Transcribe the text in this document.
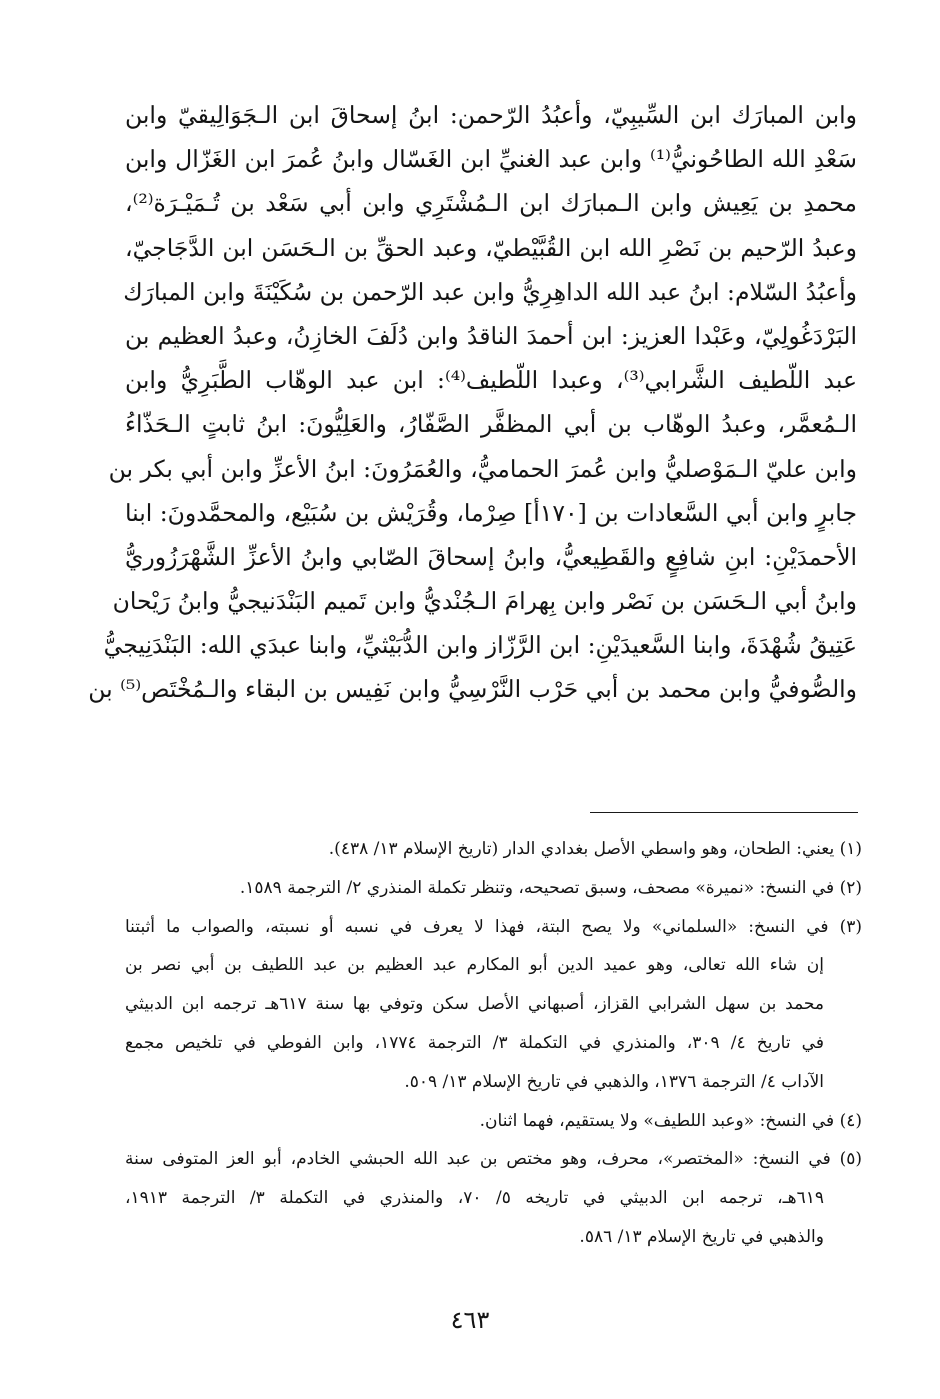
وابن المبارَك ابن السِّيبِيّ، وأعبُدُ الرّحمن: ابنُ إسحاقَ ابن الـجَوَالِيقيّ وابن
سَعْدِ الله الطاحُونيُّ⁽¹⁾ وابن عبد الغنيِّ ابن الغَسّال وابنُ عُمرَ ابن الغَزّال وابن
محمدِ بن يَعِيش وابن الـمبارَك ابن الـمُشْتَرِي وابن أبي سَعْد بن تُـمَيْـرَة⁽²⁾،
وعبدُ الرّحيم بن نَصْرِ الله ابن القُبَّيْطيّ، وعبد الحقِّ بن الـحَسَن ابن الدَّجَاجيّ،
وأعبُدُ السّلام: ابنُ عبد الله الداهِرِيُّ وابن عبد الرّحمن بن سُكَيْنَةَ وابن المبارَك
البَرْدَغُولِيّ، وعَبْدا العزيز: ابن أحمدَ الناقدُ وابن دُلَفَ الخازِنُ، وعبدُ العظيم بن
عبد اللّطيف الشَّرابي⁽³⁾، وعبدا اللّطيف⁽⁴⁾: ابن عبد الوهّاب الطَّبَرِيُّ وابن
الـمُعمَّر، وعبدُ الوهّاب بن أبي المظفَّر الصَّفّارُ، والعَلِيُّونَ: ابنُ ثابتٍ الـحَذّاءُ
وابن عليّ الـمَوْصليُّ وابن عُمرَ الحماميُّ، والعُمَرُونَ: ابنُ الأعزِّ وابن أبي بكر بن
جابرٍ وابن أبي السَّعادات بن [١٧٠أ] صِرْما، وقُرَيْش بن سُبَيْع، والمحمَّدونَ: ابنا
الأحمدَيْنِ: ابنِ شافِعٍ والقَطِيعيُّ، وابنُ إسحاقَ الصّابي وابنُ الأعزِّ الشَّهْرَزُوريُّ
وابنُ أبي الـحَسَن بن نَصْر وابن بِهرامَ الـجُنْديُّ وابن تَميم البَنْدَنيجيُّ وابنُ رَيْحان
عَتِيقُ شُهْدَةَ، وابنا السَّعيدَيْنِ: ابن الرَّزّاز وابن الدُّبَيْثيِّ، وابنا عبدَي الله: البَنْدَنِيجيُّ
والصُّوفيُّ وابن محمد بن أبي حَرْب النَّرْسِيُّ وابن نَفِيس بن البقاء والـمُخْتَص⁽⁵⁾ بن
(١) يعني: الطحان، وهو واسطي الأصل بغدادي الدار (تاريخ الإسلام ١٣/ ٤٣٨).
(٢) في النسخ: «نميرة» مصحف، وسبق تصحيحه، وتنظر تكملة المنذري ٢/ الترجمة ١٥٨٩.
(٣) في النسخ: «السلماني» ولا يصح البتة، فهذا لا يعرف في نسبه أو نسبته، والصواب ما أثبتنا
إن شاء الله تعالى، وهو عميد الدين أبو المكارم عبد العظيم بن عبد اللطيف بن أبي نصر بن
محمد بن سهل الشرابي القزاز، أصبهاني الأصل سكن وتوفي بها سنة ٦١٧هـ ترجمه ابن الدبيثي
في تاريخ ٤/ ٣٠٩، والمنذري في التكملة ٣/ الترجمة ١٧٧٤، وابن الفوطي في تلخيص مجمع
الآداب ٤/ الترجمة ١٣٧٦، والذهبي في تاريخ الإسلام ١٣/ ٥٠٩.
(٤) في النسخ: «وعبد اللطيف» ولا يستقيم، فهما اثنان.
(٥) في النسخ: «المختصر»، محرف، وهو مختص بن عبد الله الحبشي الخادم، أبو العز المتوفى سنة
٦١٩هـ، ترجمه ابن الدبيثي في تاريخه ٥/ ٧٠، والمنذري في التكملة ٣/ الترجمة ١٩١٣،
والذهبي في تاريخ الإسلام ١٣/ ٥٨٦.
٤٦٣
